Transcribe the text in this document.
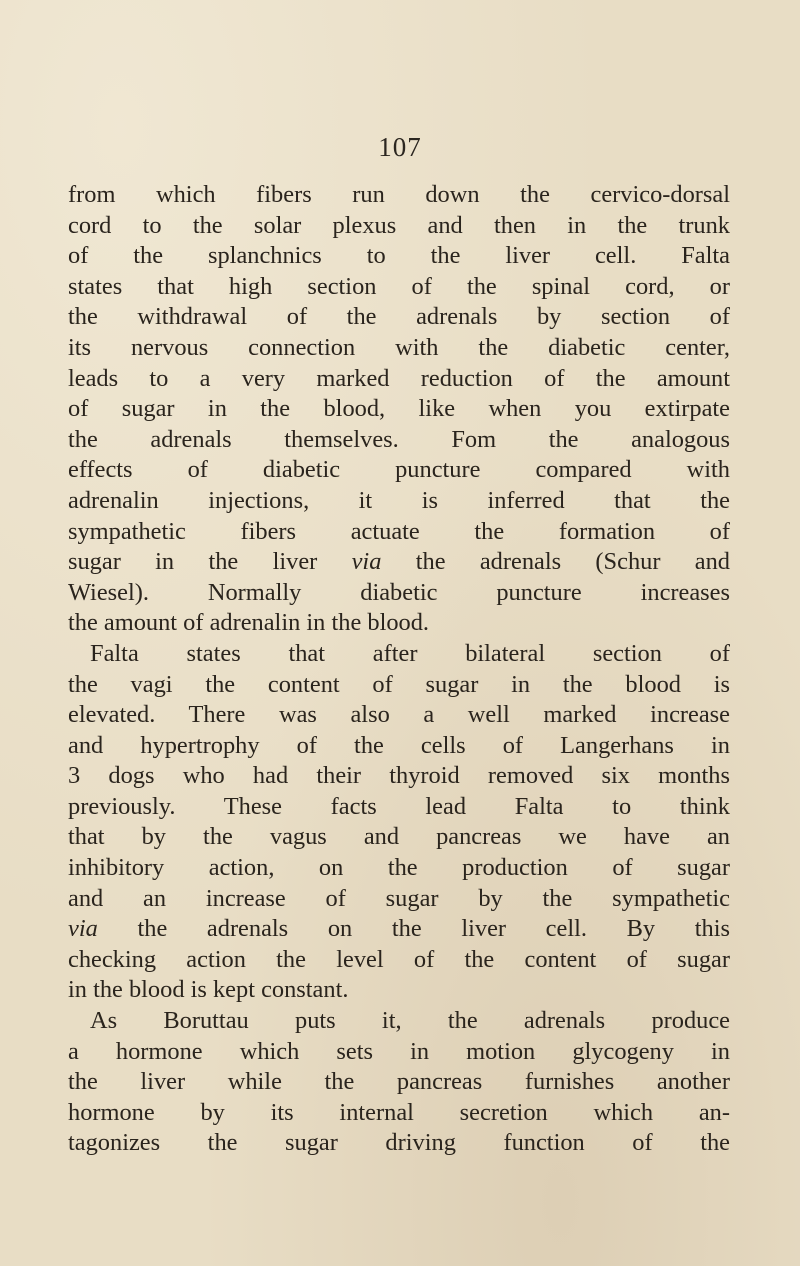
107
from which fibers run down the cervico-dorsal
cord to the solar plexus and then in the trunk
of the splanchnics to the liver cell. Falta
states that high section of the spinal cord, or
the withdrawal of the adrenals by section of
its nervous connection with the diabetic center,
leads to a very marked reduction of the amount
of sugar in the blood, like when you extirpate
the adrenals themselves. Fom the analogous
effects of diabetic puncture compared with
adrenalin injections, it is inferred that the
sympathetic fibers actuate the formation of
sugar in the liver via the adrenals (Schur and
Wiesel). Normally diabetic puncture increases
the amount of adrenalin in the blood.
Falta states that after bilateral section of
the vagi the content of sugar in the blood is
elevated. There was also a well marked increase
and hypertrophy of the cells of Langerhans in
3 dogs who had their thyroid removed six months
previously. These facts lead Falta to think
that by the vagus and pancreas we have an
inhibitory action, on the production of sugar
and an increase of sugar by the sympathetic
via the adrenals on the liver cell. By this
checking action the level of the content of sugar
in the blood is kept constant.
As Boruttau puts it, the adrenals produce
a hormone which sets in motion glycogeny in
the liver while the pancreas furnishes another
hormone by its internal secretion which an-
tagonizes the sugar driving function of the
